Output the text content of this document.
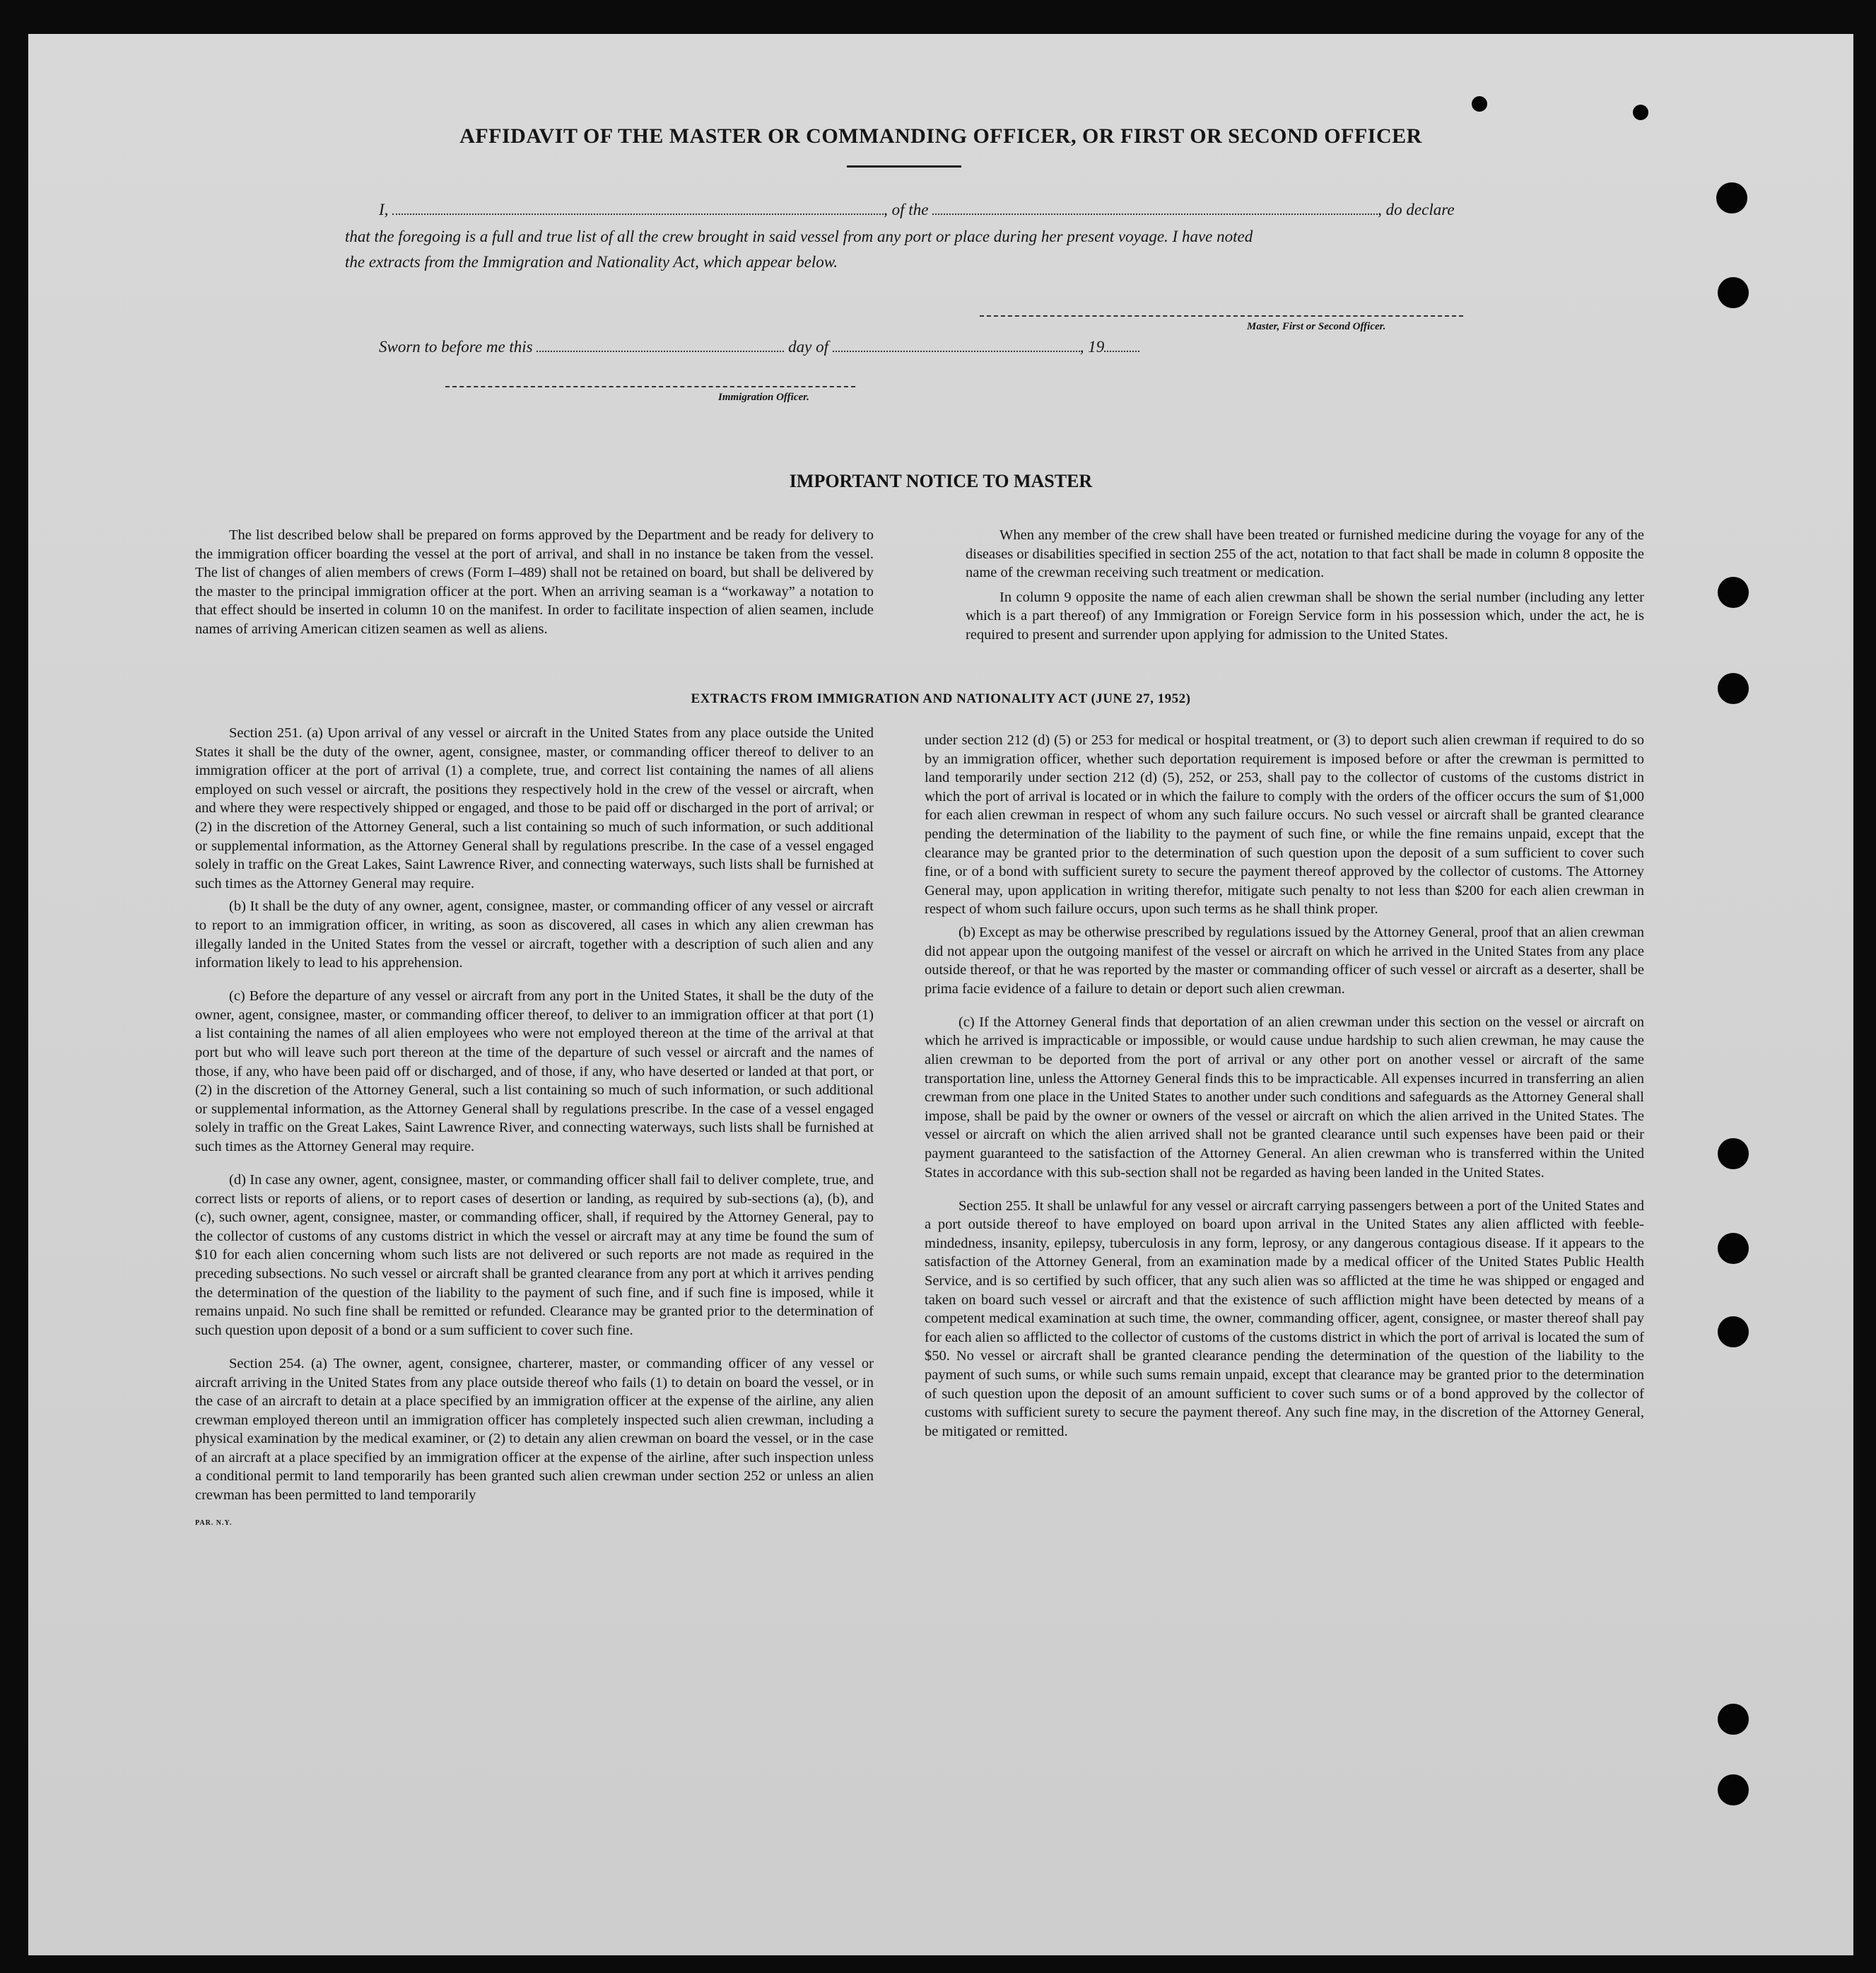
AFFIDAVIT OF THE MASTER OR COMMANDING OFFICER, OR FIRST OR SECOND OFFICER
I,	, of the	, do declare
that the foregoing is a full and true list of all the crew brought in said vessel from any port or place during her present voyage. I have noted
the extracts from the Immigration and Nationality Act, which appear below.
Master, First or Second Officer.
Sworn to before me this	day of	, 19
Immigration Officer.
IMPORTANT NOTICE TO MASTER

The list described below shall be prepared on forms approved by the Department and be ready for delivery to the immigration officer boarding the vessel at the port of arrival, and shall in no instance be taken from the vessel. The list of changes of alien members of crews (Form I–489) shall not be retained on board, but shall be delivered by the master to the principal immigration officer at the port. When an arriving seaman is a “workaway” a notation to that effect should be inserted in column 10 on the manifest. In order to facilitate inspection of alien seamen, include names of arriving American citizen seamen as well as aliens.

When any member of the crew shall have been treated or furnished medicine during the voyage for any of the diseases or disabilities specified in section 255 of the act, notation to that fact shall be made in column 8 opposite the name of the crewman receiving such treatment or medication.

In column 9 opposite the name of each alien crewman shall be shown the serial number (including any letter which is a part thereof) of any Immigration or Foreign Service form in his possession which, under the act, he is required to present and surrender upon applying for admission to the United States.

EXTRACTS FROM IMMIGRATION AND NATIONALITY ACT (JUNE 27, 1952)

Section 251. (a) Upon arrival of any vessel or aircraft in the United States from any place outside the United States it shall be the duty of the owner, agent, consignee, master, or commanding officer thereof to deliver to an immigration officer at the port of arrival (1) a complete, true, and correct list containing the names of all aliens employed on such vessel or aircraft, the positions they respectively hold in the crew of the vessel or aircraft, when and where they were respectively shipped or engaged, and those to be paid off or discharged in the port of arrival; or (2) in the discretion of the Attorney General, such a list containing so much of such information, or such additional or supplemental information, as the Attorney General shall by regulations prescribe. In the case of a vessel engaged solely in traffic on the Great Lakes, Saint Lawrence River, and connecting waterways, such lists shall be furnished at such times as the Attorney General may require.

(b) It shall be the duty of any owner, agent, consignee, master, or commanding officer of any vessel or aircraft to report to an immigration officer, in writing, as soon as discovered, all cases in which any alien crewman has illegally landed in the United States from the vessel or aircraft, together with a description of such alien and any information likely to lead to his apprehension.

(c) Before the departure of any vessel or aircraft from any port in the United States, it shall be the duty of the owner, agent, consignee, master, or commanding officer thereof, to deliver to an immigration officer at that port (1) a list containing the names of all alien employees who were not employed thereon at the time of the arrival at that port but who will leave such port thereon at the time of the departure of such vessel or aircraft and the names of those, if any, who have been paid off or discharged, and of those, if any, who have deserted or landed at that port, or (2) in the discretion of the Attorney General, such a list containing so much of such information, or such additional or supplemental information, as the Attorney General shall by regulations prescribe. In the case of a vessel engaged solely in traffic on the Great Lakes, Saint Lawrence River, and connecting waterways, such lists shall be furnished at such times as the Attorney General may require.

(d) In case any owner, agent, consignee, master, or commanding officer shall fail to deliver complete, true, and correct lists or reports of aliens, or to report cases of desertion or landing, as required by sub-sections (a), (b), and (c), such owner, agent, consignee, master, or commanding officer, shall, if required by the Attorney General, pay to the collector of customs of any customs district in which the vessel or aircraft may at any time be found the sum of $10 for each alien concerning whom such lists are not delivered or such reports are not made as required in the preceding subsections. No such vessel or aircraft shall be granted clearance from any port at which it arrives pending the determination of the question of the liability to the payment of such fine, and if such fine is imposed, while it remains unpaid. No such fine shall be remitted or refunded. Clearance may be granted prior to the determination of such question upon deposit of a bond or a sum sufficient to cover such fine.

Section 254. (a) The owner, agent, consignee, charterer, master, or commanding officer of any vessel or aircraft arriving in the United States from any place outside thereof who fails (1) to detain on board the vessel, or in the case of an aircraft to detain at a place specified by an immigration officer at the expense of the airline, any alien crewman employed thereon until an immigration officer has completely inspected such alien crewman, including a physical examination by the medical examiner, or (2) to detain any alien crewman on board the vessel, or in the case of an aircraft at a place specified by an immigration officer at the expense of the airline, after such inspection unless a conditional permit to land temporarily has been granted such alien crewman under section 252 or unless an alien crewman has been permitted to land temporarily

PAR. N.Y.

under section 212 (d) (5) or 253 for medical or hospital treatment, or (3) to deport such alien crewman if required to do so by an immigration officer, whether such deportation requirement is imposed before or after the crewman is permitted to land temporarily under section 212 (d) (5), 252, or 253, shall pay to the collector of customs of the customs district in which the port of arrival is located or in which the failure to comply with the orders of the officer occurs the sum of $1,000 for each alien crewman in respect of whom any such failure occurs. No such vessel or aircraft shall be granted clearance pending the determination of the liability to the payment of such fine, or while the fine remains unpaid, except that the clearance may be granted prior to the determination of such question upon the deposit of a sum sufficient to cover such fine, or of a bond with sufficient surety to secure the payment thereof approved by the collector of customs. The Attorney General may, upon application in writing therefor, mitigate such penalty to not less than $200 for each alien crewman in respect of whom such failure occurs, upon such terms as he shall think proper.

(b) Except as may be otherwise prescribed by regulations issued by the Attorney General, proof that an alien crewman did not appear upon the outgoing manifest of the vessel or aircraft on which he arrived in the United States from any place outside thereof, or that he was reported by the master or commanding officer of such vessel or aircraft as a deserter, shall be prima facie evidence of a failure to detain or deport such alien crewman.

(c) If the Attorney General finds that deportation of an alien crewman under this section on the vessel or aircraft on which he arrived is impracticable or impossible, or would cause undue hardship to such alien crewman, he may cause the alien crewman to be deported from the port of arrival or any other port on another vessel or aircraft of the same transportation line, unless the Attorney General finds this to be impracticable. All expenses incurred in transferring an alien crewman from one place in the United States to another under such conditions and safeguards as the Attorney General shall impose, shall be paid by the owner or owners of the vessel or aircraft on which the alien arrived in the United States. The vessel or aircraft on which the alien arrived shall not be granted clearance until such expenses have been paid or their payment guaranteed to the satisfaction of the Attorney General. An alien crewman who is transferred within the United States in accordance with this sub-section shall not be regarded as having been landed in the United States.

Section 255. It shall be unlawful for any vessel or aircraft carrying passengers between a port of the United States and a port outside thereof to have employed on board upon arrival in the United States any alien afflicted with feeble-mindedness, insanity, epilepsy, tuberculosis in any form, leprosy, or any dangerous contagious disease. If it appears to the satisfaction of the Attorney General, from an examination made by a medical officer of the United States Public Health Service, and is so certified by such officer, that any such alien was so afflicted at the time he was shipped or engaged and taken on board such vessel or aircraft and that the existence of such affliction might have been detected by means of a competent medical examination at such time, the owner, commanding officer, agent, consignee, or master thereof shall pay for each alien so afflicted to the collector of customs of the customs district in which the port of arrival is located the sum of $50. No vessel or aircraft shall be granted clearance pending the determination of the question of the liability to the payment of such sums, or while such sums remain unpaid, except that clearance may be granted prior to the determination of such question upon the deposit of an amount sufficient to cover such sums or of a bond approved by the collector of customs with sufficient surety to secure the payment thereof. Any such fine may, in the discretion of the Attorney General, be mitigated or remitted.
